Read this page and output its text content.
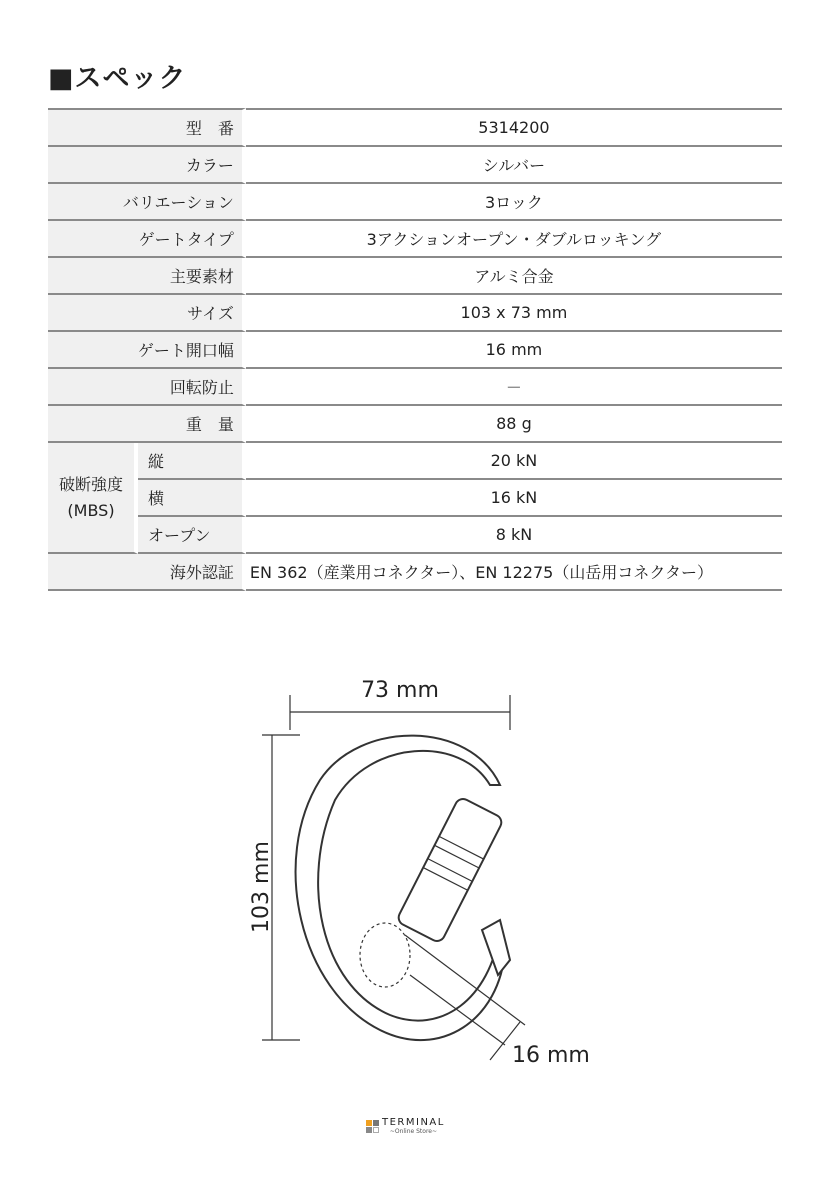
■スペック
型　番		5314200
カラー		シルバー
バリエーション		3ロック
ゲートタイプ		3アクションオープン・ダブルロッキング
主要素材		アルミ合金
サイズ		103 x 73 mm
ゲート開口幅		16 mm
回転防止		－
重　量		88 g
破断強度
(MBS)	縦	20 kN
	横	16 kN
	オープン	8 kN
海外認証		EN 362（産業用コネクター）、EN 12275（山岳用コネクター）
73 mm
103 mm
16 mm
TERMINAL
~Online Store~
